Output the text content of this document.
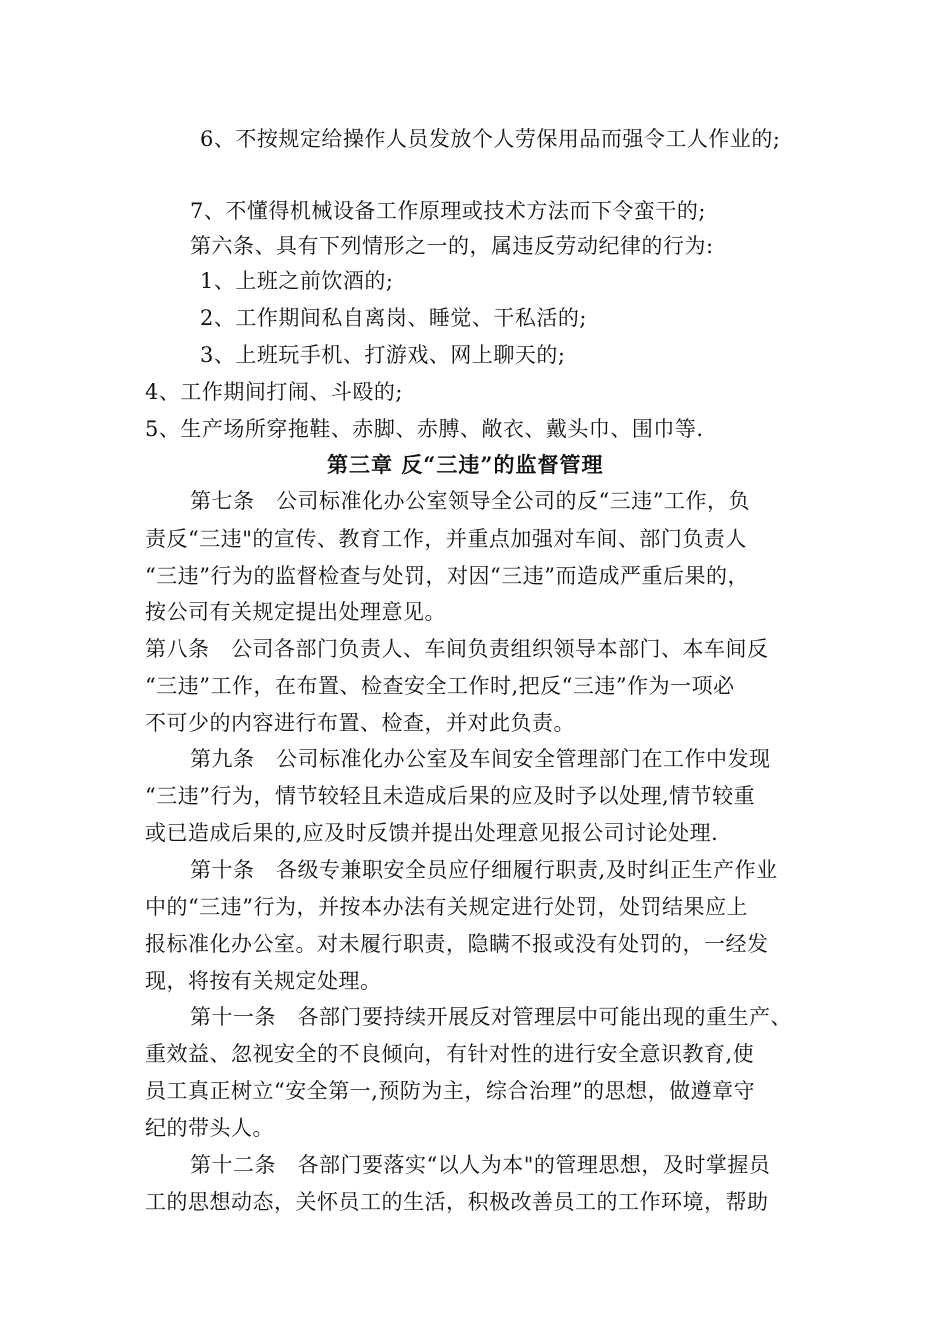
6、不按规定给操作人员发放个人劳保用品而强令工人作业的;
7、不懂得机械设备工作原理或技术方法而下令蛮干的;
第六条、具有下列情形之一的，属违反劳动纪律的行为:
1、上班之前饮酒的;
2、工作期间私自离岗、睡觉、干私活的;
3、上班玩手机、打游戏、网上聊天的;
4、工作期间打闹、斗殴的;
5、生产场所穿拖鞋、赤脚、赤膊、敞衣、戴头巾、围巾等.
第三章 反“三违”的监督管理
第七条　公司标准化办公室领导全公司的反“三违”工作，负
责反“三违"的宣传、教育工作，并重点加强对车间、部门负责人
“三违”行为的监督检查与处罚，对因“三违”而造成严重后果的，
按公司有关规定提出处理意见。
第八条　公司各部门负责人、车间负责组织领导本部门、本车间反
“三违”工作，在布置、检查安全工作时,把反“三违”作为一项必
不可少的内容进行布置、检查，并对此负责。
第九条　公司标准化办公室及车间安全管理部门在工作中发现
“三违”行为，情节较轻且未造成后果的应及时予以处理,情节较重
或已造成后果的,应及时反馈并提出处理意见报公司讨论处理.
第十条　各级专兼职安全员应仔细履行职责,及时纠正生产作业
中的“三违”行为，并按本办法有关规定进行处罚，处罚结果应上
报标准化办公室。对未履行职责，隐瞒不报或没有处罚的，一经发
现，将按有关规定处理。
第十一条　各部门要持续开展反对管理层中可能出现的重生产、
重效益、忽视安全的不良倾向，有针对性的进行安全意识教育,使
员工真正树立“安全第一,预防为主，综合治理”的思想，做遵章守
纪的带头人。
第十二条　各部门要落实“以人为本"的管理思想，及时掌握员
工的思想动态，关怀员工的生活，积极改善员工的工作环境，帮助
